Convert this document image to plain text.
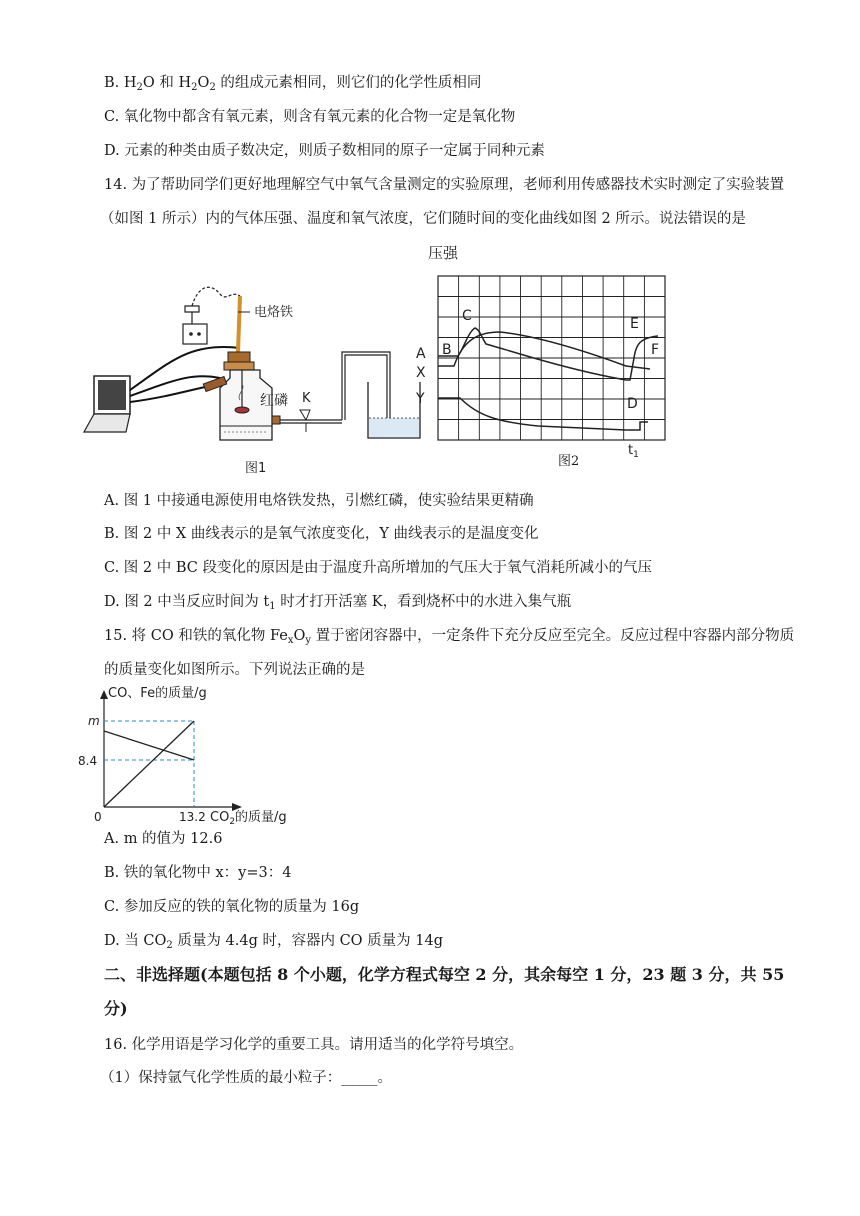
B. $H_2O$ 和 $H_2O_2$ 的组成元素相同，则它们的化学性质相同
C. 氧化物中都含有氧元素，则含有氧元素的化合物一定是氧化物
D. 元素的种类由质子数决定，则质子数相同的原子一定属于同种元素
14. 为了帮助同学们更好地理解空气中氧气含量测定的实验原理，老师利用传感器技术实时测定了实验装置
（如图 1 所示）内的气体压强、温度和氧气浓度，它们随时间的变化曲线如图 2 所示。说法错误的是
电烙铁
红磷 K
图1
压强
A B
C
X
Y	D
E
F
$t_1$
图2
A. 图 1 中接通电源使用电烙铁发热，引燃红磷，使实验结果更精确
B. 图 2 中 X 曲线表示的是氧气浓度变化，Y 曲线表示的是温度变化
C. 图 2 中 BC 段变化的原因是由于温度升高所增加的气压大于氧气消耗所减小的气压
D. 图 2 中当反应时间为 $t_1$ 时才打开活塞 K，看到烧杯中的水进入集气瓶
15. 将 CO 和铁的氧化物 $Fe_xO_y$ 置于密闭容器中，一定条件下充分反应至完全。反应过程中容器内部分物质
的质量变化如图所示。下列说法正确的是
CO、Fe的质量/g
m
8.4
0	13.2 $CO_2$的质量/g
A. m 的值为 12.6
B. 铁的氧化物中 x：y=3：4
C. 参加反应的铁的氧化物的质量为 16g
D. 当 $CO_2$ 质量为 4.4g 时，容器内 CO 质量为 14g
二、非选择题(本题包括 8 个小题，化学方程式每空 2 分，其余每空 1 分，23 题 3 分，共 55
分)
16. 化学用语是学习化学的重要工具。请用适当的化学符号填空。
（1）保持氩气化学性质的最小粒子：_____。
